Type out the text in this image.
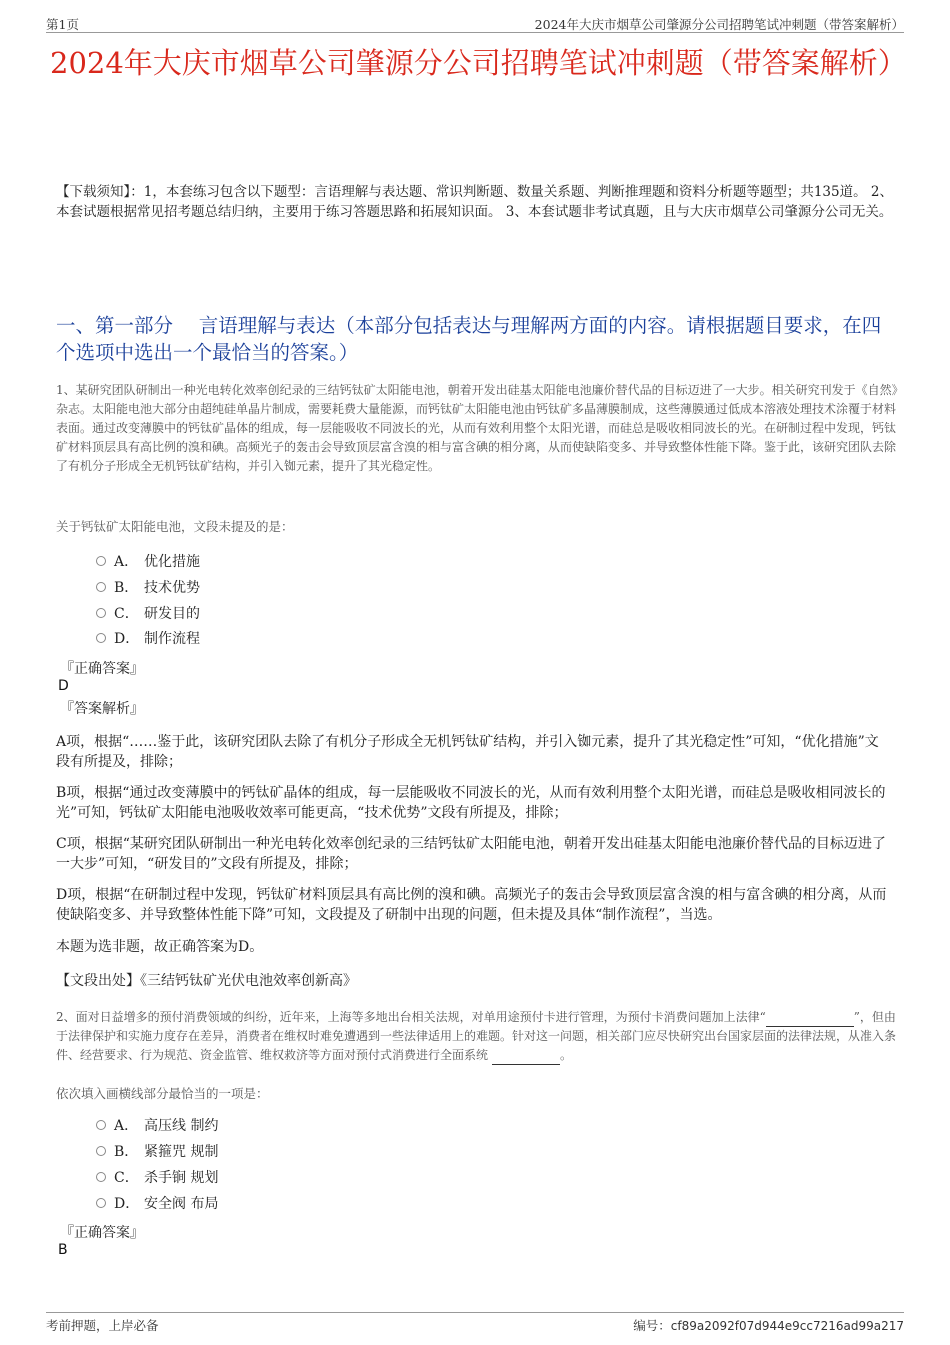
第1页	2024年大庆市烟草公司肇源分公司招聘笔试冲刺题（带答案解析）
2024年大庆市烟草公司肇源分公司招聘笔试冲刺题（带答案解析）
【下载须知】：1，本套练习包含以下题型：言语理解与表达题、常识判断题、数量关系题、判断推理题和资料分析题等题型；共135道。 2、本套试题根据常见招考题总结归纳，主要用于练习答题思路和拓展知识面。 3、本套试题非考试真题，且与大庆市烟草公司肇源分公司无关。
一、第一部分　 言语理解与表达（本部分包括表达与理解两方面的内容。请根据题目要求，在四个选项中选出一个最恰当的答案。）
1、某研究团队研制出一种光电转化效率创纪录的三结钙钛矿太阳能电池，朝着开发出硅基太阳能电池廉价替代品的目标迈进了一大步。相关研究刊发于《自然》杂志。太阳能电池大部分由超纯硅单晶片制成，需要耗费大量能源，而钙钛矿太阳能电池由钙钛矿多晶薄膜制成，这些薄膜通过低成本溶液处理技术涂覆于材料表面。通过改变薄膜中的钙钛矿晶体的组成，每一层能吸收不同波长的光，从而有效利用整个太阳光谱，而硅总是吸收相同波长的光。在研制过程中发现，钙钛矿材料顶层具有高比例的溴和碘。高频光子的轰击会导致顶层富含溴的相与富含碘的相分离，从而使缺陷变多、并导致整体性能下降。鉴于此，该研究团队去除了有机分子形成全无机钙钛矿结构，并引入铷元素，提升了其光稳定性。
关于钙钛矿太阳能电池，文段未提及的是：
A． 优化措施
B． 技术优势
C． 研发目的
D． 制作流程
『正确答案』
D
『答案解析』
A项，根据“……鉴于此，该研究团队去除了有机分子形成全无机钙钛矿结构，并引入铷元素，提升了其光稳定性”可知，“优化措施”文段有所提及，排除；
B项，根据“通过改变薄膜中的钙钛矿晶体的组成，每一层能吸收不同波长的光，从而有效利用整个太阳光谱，而硅总是吸收相同波长的光”可知，钙钛矿太阳能电池吸收效率可能更高，“技术优势”文段有所提及，排除；
C项，根据“某研究团队研制出一种光电转化效率创纪录的三结钙钛矿太阳能电池，朝着开发出硅基太阳能电池廉价替代品的目标迈进了一大步”可知，“研发目的”文段有所提及，排除；
D项，根据“在研制过程中发现，钙钛矿材料顶层具有高比例的溴和碘。高频光子的轰击会导致顶层富含溴的相与富含碘的相分离，从而使缺陷变多、并导致整体性能下降”可知，文段提及了研制中出现的问题，但未提及具体“制作流程”，当选。
本题为选非题，故正确答案为D。
【文段出处】《三结钙钛矿光伏电池效率创新高》
2、面对日益增多的预付消费领域的纠纷，近年来，上海等多地出台相关法规，对单用途预付卡进行管理，为预付卡消费问题加上法律“	”，但由于法律保护和实施力度存在差异，消费者在维权时难免遭遇到一些法律适用上的难题。针对这一问题，相关部门应尽快研究出台国家层面的法律法规，从准入条件、经营要求、行为规范、资金监管、维权救济等方面对预付式消费进行全面系统	。
依次填入画横线部分最恰当的一项是：
A． 高压线 制约
B． 紧箍咒 规制
C． 杀手锏 规划
D． 安全阀 布局
『正确答案』
B
考前押题，上岸必备	编号：cf89a2092f07d944e9cc7216ad99a217
